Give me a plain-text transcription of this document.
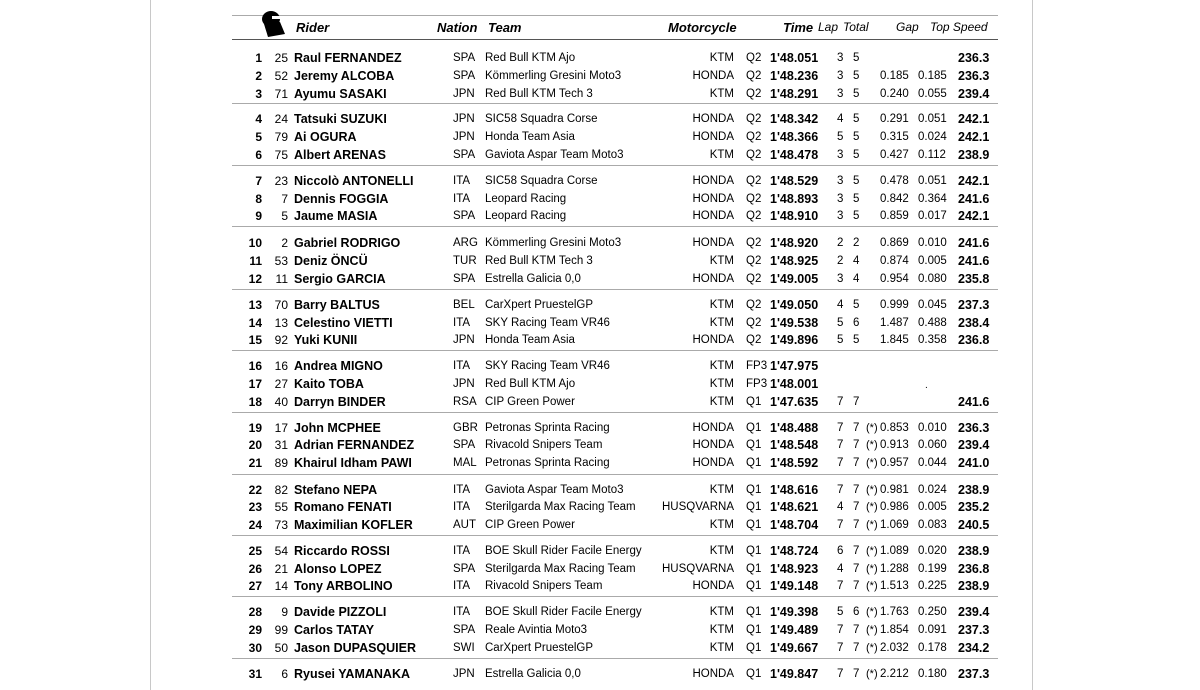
Rider	Nation Team	Motorcycle	Time Lap Total Gap Top Speed
1	25 Raul FERNANDEZ	SPA Red Bull KTM Ajo	KTM Q2 1'48.051 3 5	236.3
2	52 Jeremy ALCOBA	SPA Kömmerling Gresini Moto3	HONDA Q2 1'48.236 3 5 0.185 0.185 236.3
3	71 Ayumu SASAKI	JPN Red Bull KTM Tech 3	KTM Q2 1'48.291 3 5 0.240 0.055 239.4
4	24 Tatsuki SUZUKI	JPN SIC58 Squadra Corse	HONDA Q2 1'48.342 4 5 0.291 0.051 242.1
5	79 Ai OGURA	JPN Honda Team Asia	HONDA Q2 1'48.366 5 5 0.315 0.024 242.1
6	75 Albert ARENAS	SPA Gaviota Aspar Team Moto3	KTM Q2 1'48.478 3 5 0.427 0.112 238.9
7	23 Niccolò ANTONELLI	ITA SIC58 Squadra Corse	HONDA Q2 1'48.529 3 5 0.478 0.051 242.1
8	7 Dennis FOGGIA	ITA Leopard Racing	HONDA Q2 1'48.893 3 5 0.842 0.364 241.6
9	5 Jaume MASIA	SPA Leopard Racing	HONDA Q2 1'48.910 3 5 0.859 0.017 242.1
10	2 Gabriel RODRIGO	ARG Kömmerling Gresini Moto3	HONDA Q2 1'48.920 2 2 0.869 0.010 241.6
11	53 Deniz ÖNCÜ	TUR Red Bull KTM Tech 3	KTM Q2 1'48.925 2 4 0.874 0.005 241.6
12	11 Sergio GARCIA	SPA Estrella Galicia 0,0	HONDA Q2 1'49.005 3 4 0.954 0.080 235.8
13	70 Barry BALTUS	BEL CarXpert PruestelGP	KTM Q2 1'49.050 4 5 0.999 0.045 237.3
14	13 Celestino VIETTI	ITA SKY Racing Team VR46	KTM Q2 1'49.538 5 6 1.487 0.488 238.4
15	92 Yuki KUNII	JPN Honda Team Asia	HONDA Q2 1'49.896 5 5 1.845 0.358 236.8
16	16 Andrea MIGNO	ITA SKY Racing Team VR46	KTM FP3 1'47.975
17	27 Kaito TOBA	JPN Red Bull KTM Ajo	KTM FP3 1'48.001
18	40 Darryn BINDER	RSA CIP Green Power	KTM Q1 1'47.635 7 7	241.6
19	17 John MCPHEE	GBR Petronas Sprinta Racing	HONDA Q1 1'48.488 7 7 (*) 0.853 0.010 236.3
20	31 Adrian FERNANDEZ	SPA Rivacold Snipers Team	HONDA Q1 1'48.548 7 7 (*) 0.913 0.060 239.4
21	89 Khairul Idham PAWI	MAL Petronas Sprinta Racing	HONDA Q1 1'48.592 7 7 (*) 0.957 0.044 241.0
22	82 Stefano NEPA	ITA Gaviota Aspar Team Moto3	KTM Q1 1'48.616 7 7 (*) 0.981 0.024 238.9
23	55 Romano FENATI	ITA Sterilgarda Max Racing Team	HUSQVARNA Q1 1'48.621 4 7 (*) 0.986 0.005 235.2
24	73 Maximilian KOFLER	AUT CIP Green Power	KTM Q1 1'48.704 7 7 (*) 1.069 0.083 240.5
25	54 Riccardo ROSSI	ITA BOE Skull Rider Facile Energy	KTM Q1 1'48.724 6 7 (*) 1.089 0.020 238.9
26	21 Alonso LOPEZ	SPA Sterilgarda Max Racing Team	HUSQVARNA Q1 1'48.923 4 7 (*) 1.288 0.199 236.8
27	14 Tony ARBOLINO	ITA Rivacold Snipers Team	HONDA Q1 1'49.148 7 7 (*) 1.513 0.225 238.9
28	9 Davide PIZZOLI	ITA BOE Skull Rider Facile Energy	KTM Q1 1'49.398 5 6 (*) 1.763 0.250 239.4
29	99 Carlos TATAY	SPA Reale Avintia Moto3	KTM Q1 1'49.489 7 7 (*) 1.854 0.091 237.3
30	50 Jason DUPASQUIER	SWI CarXpert PruestelGP	KTM Q1 1'49.667 7 7 (*) 2.032 0.178 234.2
31	6 Ryusei YAMANAKA	JPN Estrella Galicia 0,0	HONDA Q1 1'49.847 7 7 (*) 2.212 0.180 237.3
.
